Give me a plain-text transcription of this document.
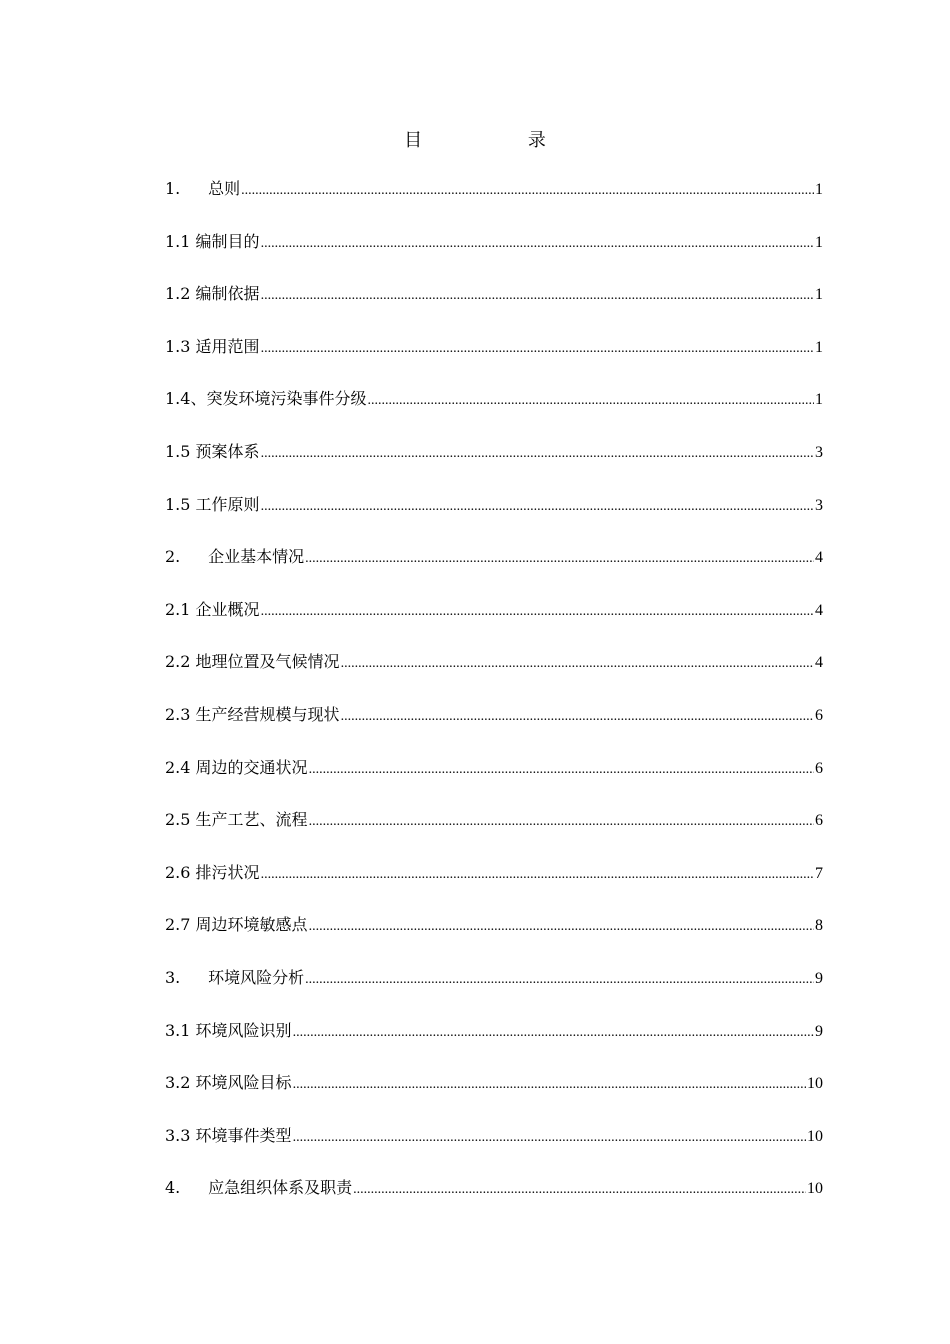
目 录
1. 总则 .....	1
1.1 编制目的 .....	1
1.2 编制依据 .....	1
1.3 适用范围 .....	1
1.4、突发环境污染事件分级 .....	1
1.5 预案体系 .....	3
1.5 工作原则 .....	3
2. 企业基本情况 .....	4
2.1 企业概况 .....	4
2.2 地理位置及气候情况 .....	4
2.3 生产经营规模与现状 .....	6
2.4 周边的交通状况 .....	6
2.5 生产工艺、流程 .....	6
2.6 排污状况 .....	7
2.7 周边环境敏感点 .....	8
3. 环境风险分析 .....	9
3.1 环境风险识别 .....	9
3.2 环境风险目标 .....	10
3.3 环境事件类型 .....	10
4. 应急组织体系及职责 .....	10
